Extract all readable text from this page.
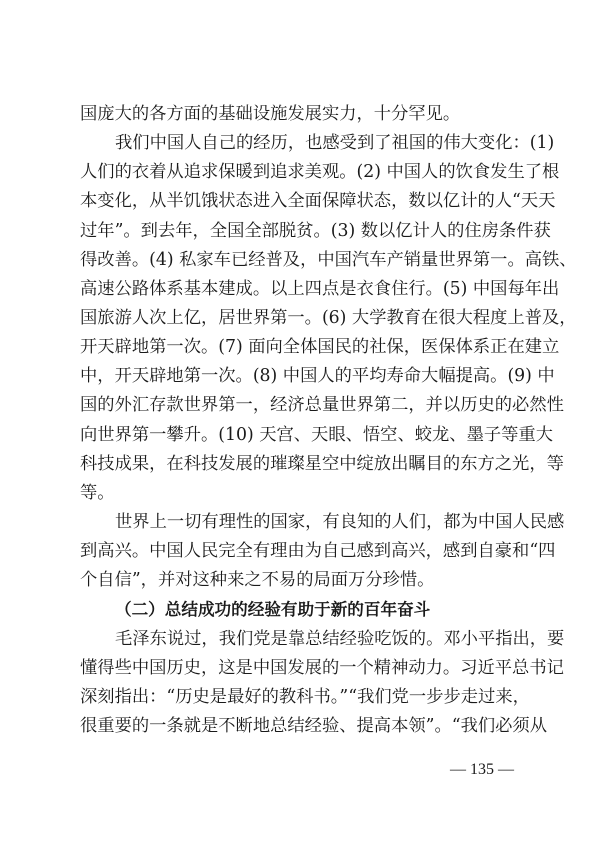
国庞大的各方面的基础设施发展实力，十分罕见。
我们中国人自己的经历，也感受到了祖国的伟大变化：(1)
人们的衣着从追求保暖到追求美观。(2) 中国人的饮食发生了根
本变化，从半饥饿状态进入全面保障状态，数以亿计的人“天天
过年”。到去年，全国全部脱贫。(3) 数以亿计人的住房条件获
得改善。(4) 私家车已经普及，中国汽车产销量世界第一。高铁、
高速公路体系基本建成。以上四点是衣食住行。(5) 中国每年出
国旅游人次上亿，居世界第一。(6) 大学教育在很大程度上普及，
开天辟地第一次。(7) 面向全体国民的社保，医保体系正在建立
中，开天辟地第一次。(8) 中国人的平均寿命大幅提高。(9) 中
国的外汇存款世界第一，经济总量世界第二，并以历史的必然性
向世界第一攀升。(10) 天宫、天眼、悟空、蛟龙、墨子等重大
科技成果，在科技发展的璀璨星空中绽放出瞩目的东方之光，等
等。
世界上一切有理性的国家，有良知的人们，都为中国人民感
到高兴。中国人民完全有理由为自己感到高兴，感到自豪和“四
个自信”，并对这种来之不易的局面万分珍惜。
（二）总结成功的经验有助于新的百年奋斗
毛泽东说过，我们党是靠总结经验吃饭的。邓小平指出，要
懂得些中国历史，这是中国发展的一个精神动力。习近平总书记
深刻指出：“历史是最好的教科书。”“我们党一步步走过来，
很重要的一条就是不断地总结经验、提高本领”。“我们必须从
— 135 —
